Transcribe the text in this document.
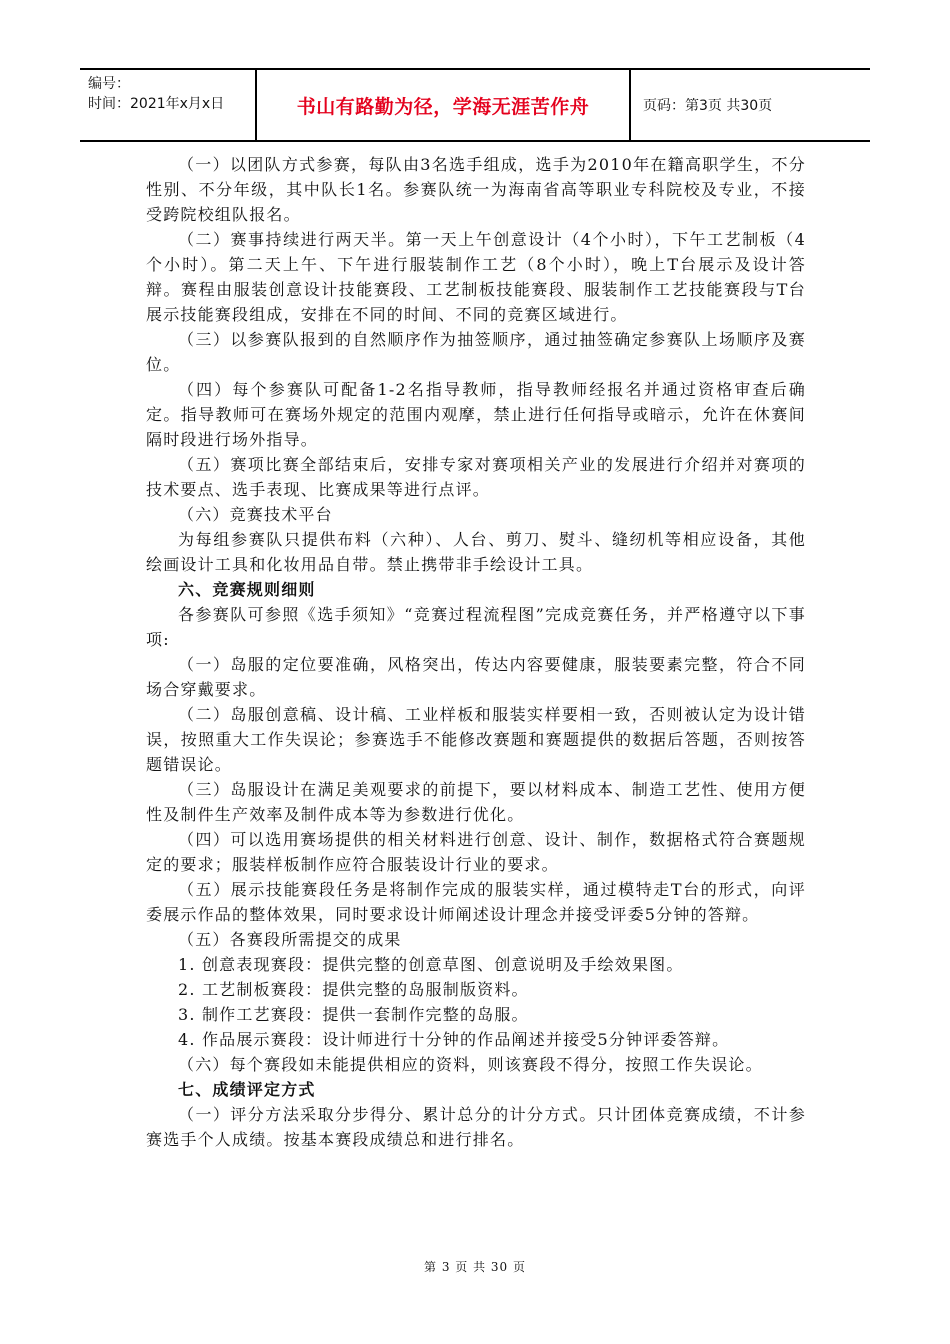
编号：
时间：2021年x月x日	书山有路勤为径，学海无涯苦作舟	页码：第3页 共30页

（一）以团队方式参赛，每队由3名选手组成，选手为2010年在籍高职学生，不分性别、不分年级，其中队长1名。参赛队统一为海南省高等职业专科院校及专业，不接受跨院校组队报名。

（二）赛事持续进行两天半。第一天上午创意设计（4个小时），下午工艺制板（4个小时）。第二天上午、下午进行服装制作工艺（8个小时），晚上T台展示及设计答辩。赛程由服装创意设计技能赛段、工艺制板技能赛段、服装制作工艺技能赛段与T台展示技能赛段组成，安排在不同的时间、不同的竞赛区域进行。

（三）以参赛队报到的自然顺序作为抽签顺序，通过抽签确定参赛队上场顺序及赛位。

（四）每个参赛队可配备1-2名指导教师，指导教师经报名并通过资格审查后确定。指导教师可在赛场外规定的范围内观摩，禁止进行任何指导或暗示，允许在休赛间隔时段进行场外指导。

（五）赛项比赛全部结束后，安排专家对赛项相关产业的发展进行介绍并对赛项的技术要点、选手表现、比赛成果等进行点评。

（六）竞赛技术平台

为每组参赛队只提供布料（六种）、人台、剪刀、熨斗、缝纫机等相应设备，其他绘画设计工具和化妆用品自带。禁止携带非手绘设计工具。

六、竞赛规则细则

各参赛队可参照《选手须知》“竞赛过程流程图”完成竞赛任务，并严格遵守以下事项:

（一）岛服的定位要准确，风格突出，传达内容要健康，服装要素完整，符合不同场合穿戴要求。

（二）岛服创意稿、设计稿、工业样板和服装实样要相一致，否则被认定为设计错误，按照重大工作失误论；参赛选手不能修改赛题和赛题提供的数据后答题，否则按答题错误论。

（三）岛服设计在满足美观要求的前提下，要以材料成本、制造工艺性、使用方便性及制件生产效率及制件成本等为参数进行优化。

（四）可以选用赛场提供的相关材料进行创意、设计、制作，数据格式符合赛题规定的要求；服装样板制作应符合服装设计行业的要求。

（五）展示技能赛段任务是将制作完成的服装实样，通过模特走T台的形式，向评委展示作品的整体效果，同时要求设计师阐述设计理念并接受评委5分钟的答辩。

（五）各赛段所需提交的成果

1. 创意表现赛段：提供完整的创意草图、创意说明及手绘效果图。

2. 工艺制板赛段：提供完整的岛服制版资料。

3. 制作工艺赛段：提供一套制作完整的岛服。

4. 作品展示赛段：设计师进行十分钟的作品阐述并接受5分钟评委答辩。

（六）每个赛段如未能提供相应的资料，则该赛段不得分，按照工作失误论。

七、成绩评定方式

（一）评分方法采取分步得分、累计总分的计分方式。只计团体竞赛成绩，不计参赛选手个人成绩。按基本赛段成绩总和进行排名。

第 3 页 共 30 页
